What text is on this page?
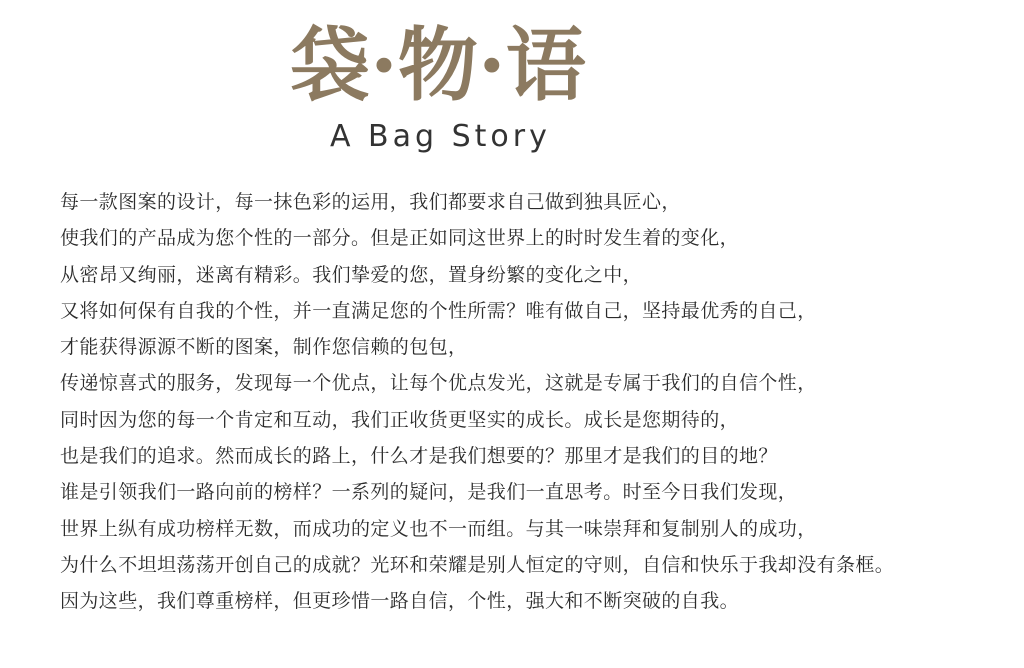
袋·物·语
A Bag Story
每一款图案的设计，每一抹色彩的运用，我们都要求自己做到独具匠心，
使我们的产品成为您个性的一部分。但是正如同这世界上的时时发生着的变化，
从密昂又绚丽，迷离有精彩。我们挚爱的您，置身纷繁的变化之中，
又将如何保有自我的个性，并一直满足您的个性所需？唯有做自己，坚持最优秀的自己，
才能获得源源不断的图案，制作您信赖的包包，
传递惊喜式的服务，发现每一个优点，让每个优点发光，这就是专属于我们的自信个性，
同时因为您的每一个肯定和互动，我们正收货更坚实的成长。成长是您期待的，
也是我们的追求。然而成长的路上，什么才是我们想要的？那里才是我们的目的地？
谁是引领我们一路向前的榜样？一系列的疑问，是我们一直思考。时至今日我们发现，
世界上纵有成功榜样无数，而成功的定义也不一而组。与其一味崇拜和复制别人的成功，
为什么不坦坦荡荡开创自己的成就？光环和荣耀是别人恒定的守则，自信和快乐于我却没有条框。
因为这些，我们尊重榜样，但更珍惜一路自信，个性，强大和不断突破的自我。
